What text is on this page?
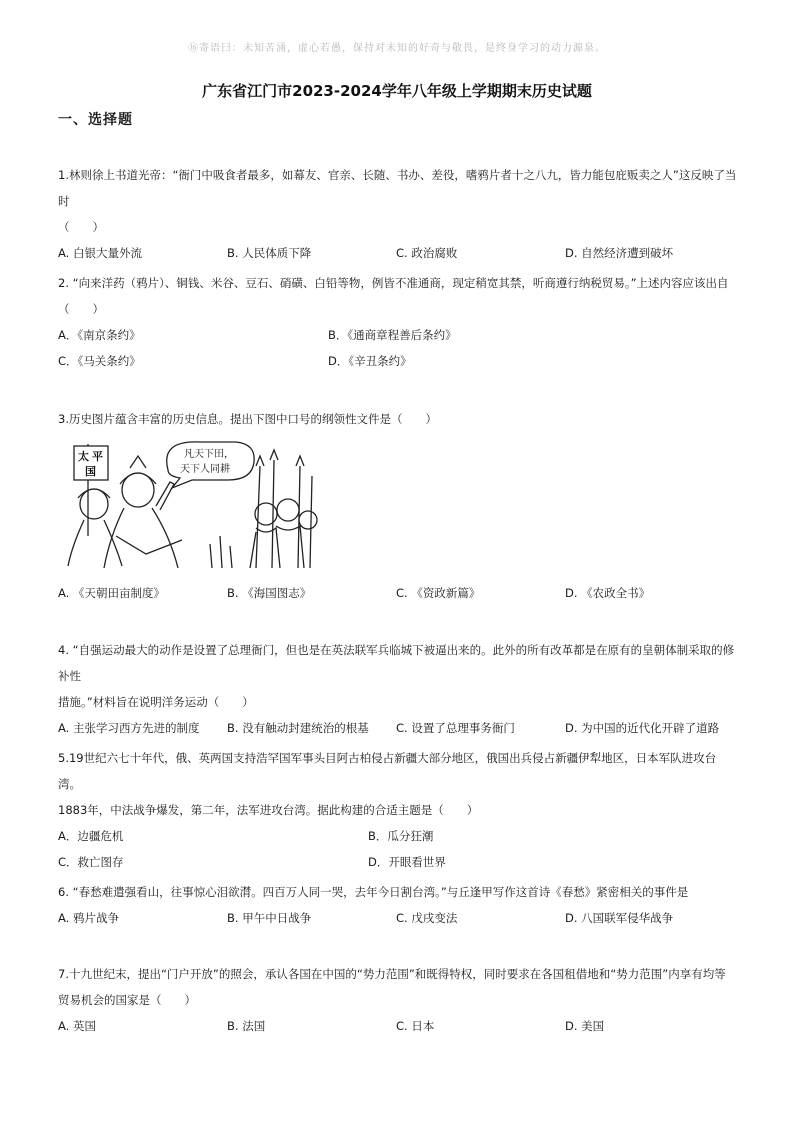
⑯寄语曰：未知苦涌，虚心若愚，保持对未知的好奇与敬畏，是终身学习的动力源泉。
广东省江门市2023-2024学年八年级上学期期末历史试题
一、选择题

1.林则徐上书道光帝：“衙门中吸食者最多，如幕友、官亲、长随、书办、差役，嗜鸦片者十之八九，皆力能包庇贩卖之人”这反映了当时

（　　）

A. 白银大量外流	B. 人民体质下降	C. 政治腐败	D. 自然经济遭到破坏

2. “向来洋药（鸦片）、铜钱、米谷、豆石、硝磺、白铅等物，例皆不准通商，现定稍宽其禁，听商遵行纳税贸易。”上述内容应该出自

（　　）

A．《南京条约》	B．《通商章程善后条约》
C．《马关条约》	D．《辛丑条约》

3.历史图片蕴含丰富的历史信息。提出下图中口号的纲领性文件是（　　）

太 平
国
凡天下田，
天下人同耕
A. 《天朝田亩制度》	B. 《海国图志》	C. 《资政新篇》	D. 《农政全书》

4. “自强运动最大的动作是设置了总理衙门，但也是在英法联军兵临城下被逼出来的。此外的所有改革都是在原有的皇朝体制采取的修补性

措施。”材料旨在说明洋务运动（　　）

A. 主张学习西方先进的制度	B. 没有触动封建统治的根基	C. 设置了总理事务衙门	D. 为中国的近代化开辟了道路

5.19世纪六七十年代，俄、英两国支持浩罕国军事头目阿古柏侵占新疆大部分地区，俄国出兵侵占新疆伊犁地区，日本军队进攻台湾。

1883年，中法战争爆发，第二年，法军进攻台湾。据此构建的合适主题是（　　）

A．边疆危机	B．瓜分狂潮
C．救亡图存	D．开眼看世界

6. “春愁难遣强看山，往事惊心泪欲潸。四百万人同一哭，去年今日割台湾。”与丘逢甲写作这首诗《春愁》紧密相关的事件是

A. 鸦片战争	B. 甲午中日战争	C. 戊戌变法	D. 八国联军侵华战争

7.十九世纪末，提出“门户开放”的照会，承认各国在中国的“势力范围”和既得特权，同时要求在各国租借地和“势力范围”内享有均等

贸易机会的国家是（　　）

A. 英国	B. 法国	C. 日本	D. 美国
